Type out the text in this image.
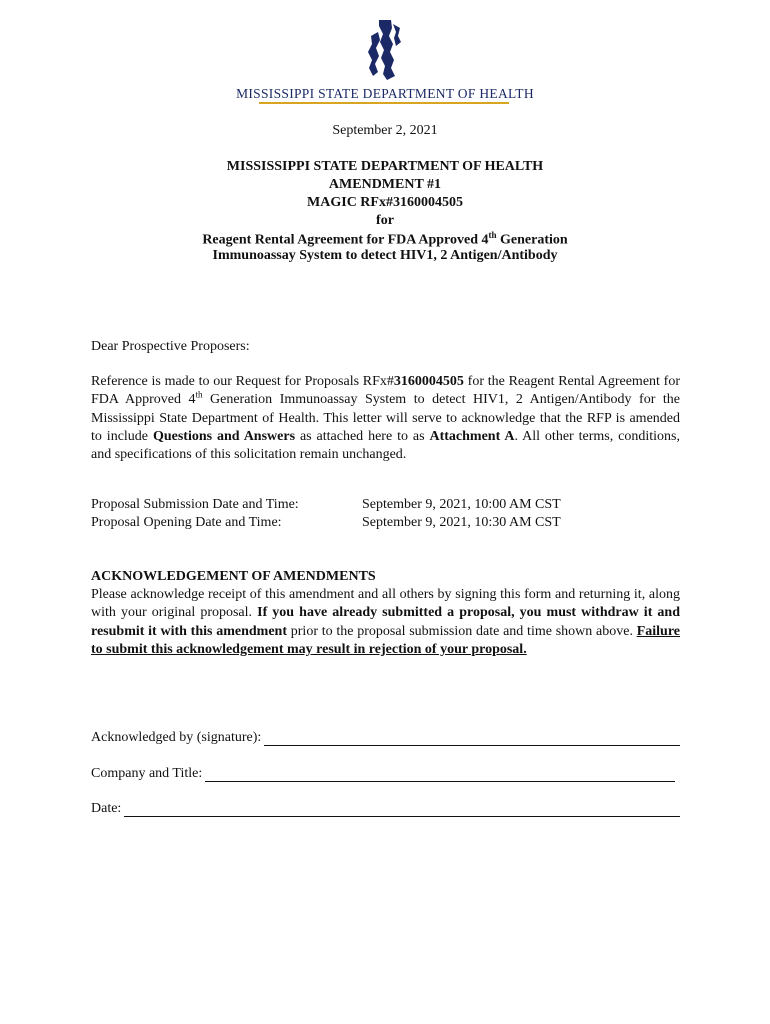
MISSISSIPPI STATE DEPARTMENT OF HEALTH
September 2, 2021
MISSISSIPPI STATE DEPARTMENT OF HEALTH
AMENDMENT #1
MAGIC RFx#3160004505
for
Reagent Rental Agreement for FDA Approved 4th Generation
Immunoassay System to detect HIV1, 2 Antigen/Antibody
Dear Prospective Proposers:
Reference is made to our Request for Proposals RFx#3160004505 for the Reagent Rental Agreement for FDA Approved 4th Generation Immunoassay System to detect HIV1, 2 Antigen/Antibody for the Mississippi State Department of Health. This letter will serve to acknowledge that the RFP is amended to include Questions and Answers as attached here to as Attachment A. All other terms, conditions, and specifications of this solicitation remain unchanged.
Proposal Submission Date and Time:	September 9, 2021, 10:00 AM CST
Proposal Opening Date and Time:	September 9, 2021, 10:30 AM CST
ACKNOWLEDGEMENT OF AMENDMENTS
Please acknowledge receipt of this amendment and all others by signing this form and returning it, along with your original proposal. If you have already submitted a proposal, you must withdraw it and resubmit it with this amendment prior to the proposal submission date and time shown above. Failure to submit this acknowledgement may result in rejection of your proposal.
Acknowledged by (signature):
Company and Title:
Date:
